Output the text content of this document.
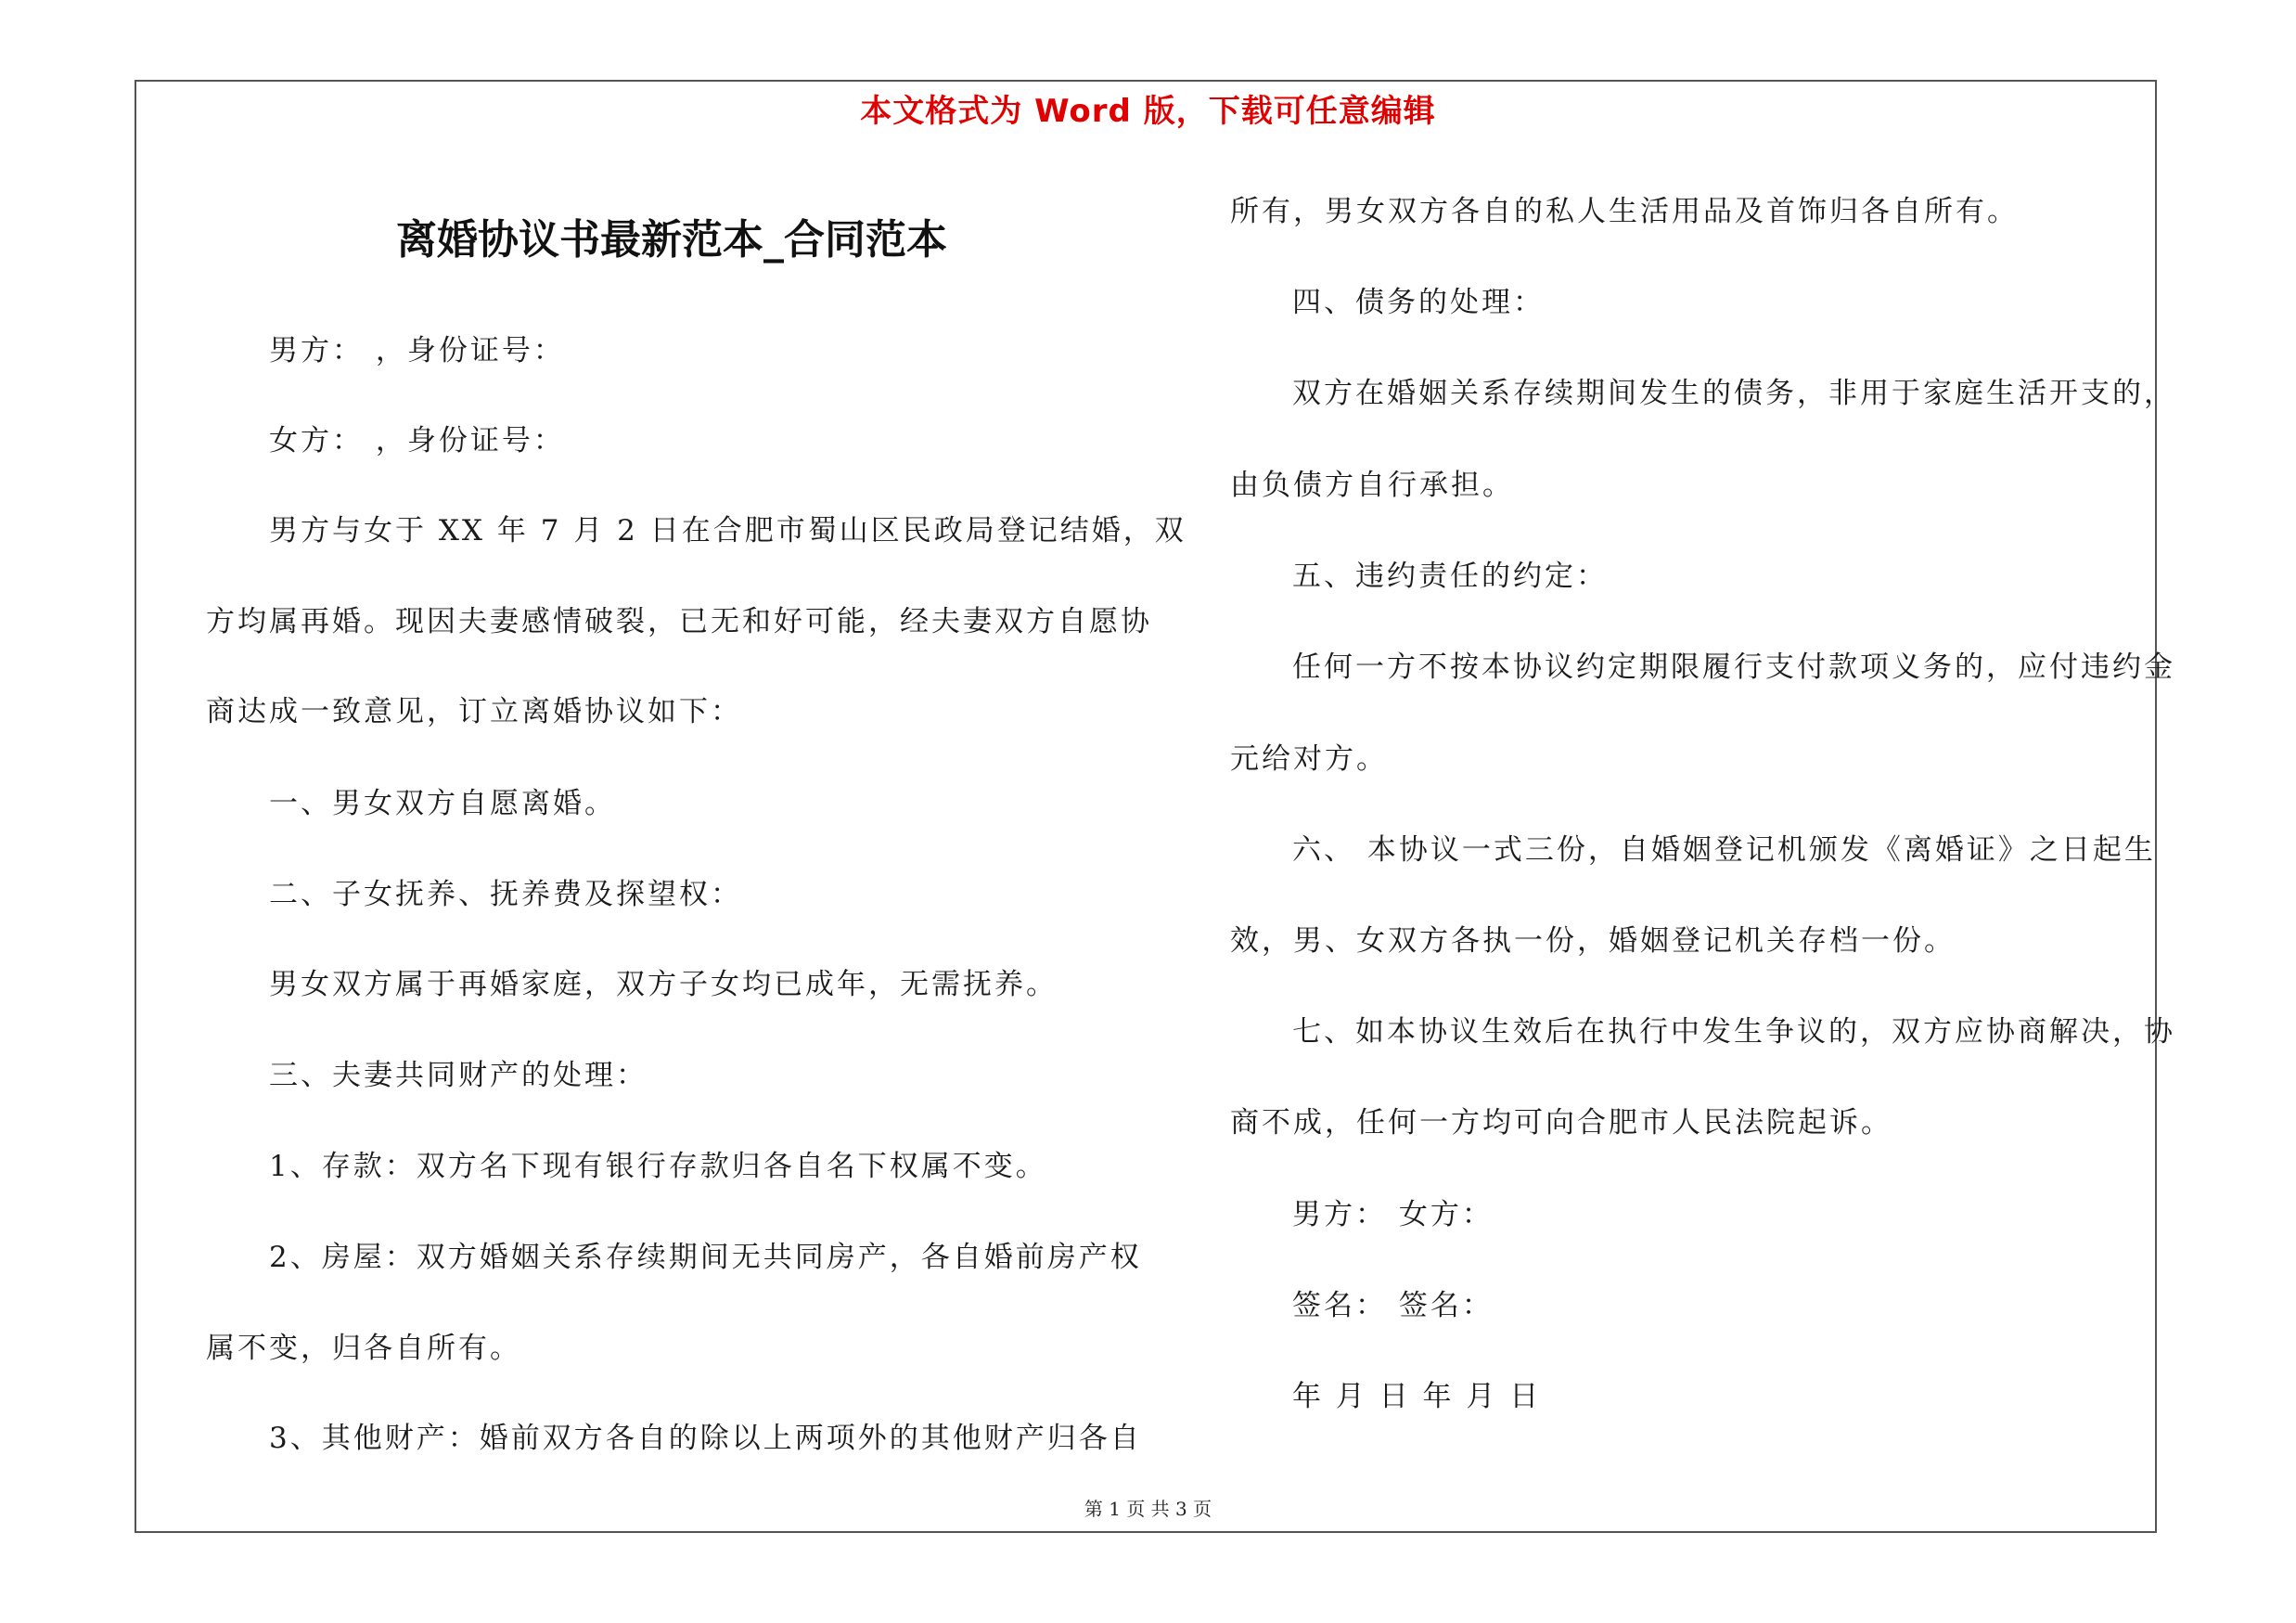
本文格式为 Word 版，下载可任意编辑
离婚协议书最新范本_合同范本
男方： ，身份证号：
女方： ，身份证号：
男方与女于 XX 年 7 月 2 日在合肥市蜀山区民政局登记结婚，双
方均属再婚。现因夫妻感情破裂，已无和好可能，经夫妻双方自愿协
商达成一致意见，订立离婚协议如下：
一、男女双方自愿离婚。
二、子女抚养、抚养费及探望权：
男女双方属于再婚家庭，双方子女均已成年，无需抚养。
三、夫妻共同财产的处理：
1、存款：双方名下现有银行存款归各自名下权属不变。
2、房屋：双方婚姻关系存续期间无共同房产，各自婚前房产权
属不变，归各自所有。
3、其他财产：婚前双方各自的除以上两项外的其他财产归各自
所有，男女双方各自的私人生活用品及首饰归各自所有。
四、债务的处理：
双方在婚姻关系存续期间发生的债务，非用于家庭生活开支的，
由负债方自行承担。
五、违约责任的约定：
任何一方不按本协议约定期限履行支付款项义务的，应付违约金
元给对方。
六、 本协议一式三份，自婚姻登记机颁发《离婚证》之日起生
效，男、女双方各执一份，婚姻登记机关存档一份。
七、如本协议生效后在执行中发生争议的，双方应协商解决，协
商不成，任何一方均可向合肥市人民法院起诉。
男方： 女方：
签名： 签名：
年 月 日 年 月 日
第 1 页 共 3 页
